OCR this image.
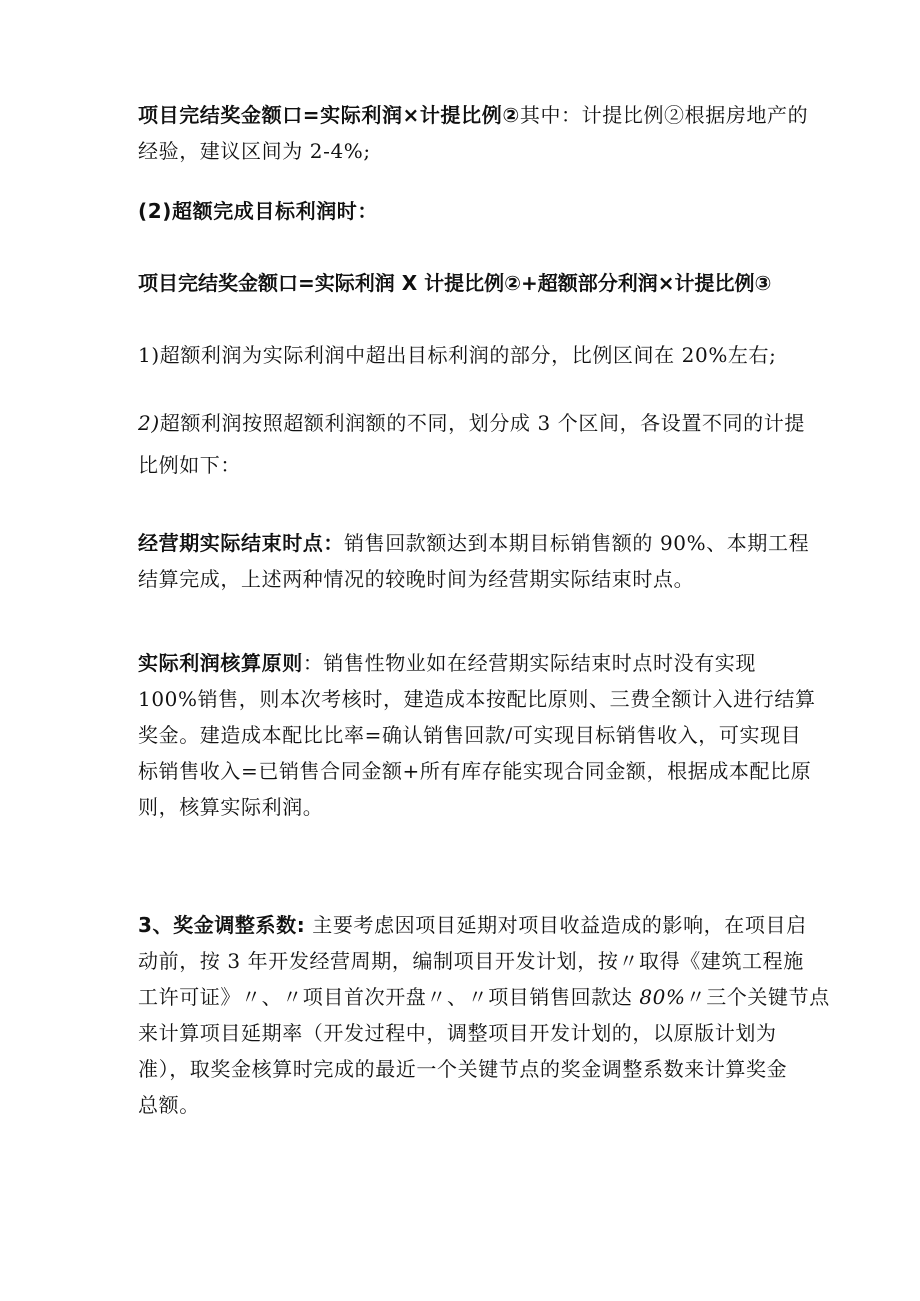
项目完结奖金额口=实际利润×计提比例②其中：计提比例②根据房地产的
经验，建议区间为 2-4%;

(2)超额完成目标利润时：

项目完结奖金额口=实际利润 X 计提比例②+超额部分利润×计提比例③

1)超额利润为实际利润中超出目标利润的部分，比例区间在 20%左右;

2)超额利润按照超额利润额的不同，划分成 3 个区间，各设置不同的计提
比例如下：

经营期实际结束时点：销售回款额达到本期目标销售额的 90%、本期工程
结算完成，上述两种情况的较晚时间为经营期实际结束时点。

实际利润核算原则：销售性物业如在经营期实际结束时点时没有实现
100%销售，则本次考核时，建造成本按配比原则、三费全额计入进行结算
奖金。建造成本配比比率=确认销售回款/可实现目标销售收入，可实现目
标销售收入=已销售合同金额+所有库存能实现合同金额，根据成本配比原
则，核算实际利润。

3、奖金调整系数: 主要考虑因项目延期对项目收益造成的影响，在项目启
动前，按 3 年开发经营周期，编制项目开发计划，按〃取得《建筑工程施
工许可证》〃、〃项目首次开盘〃、〃项目销售回款达 80%〃三个关键节点
来计算项目延期率（开发过程中，调整项目开发计划的，以原版计划为
准），取奖金核算时完成的最近一个关键节点的奖金调整系数来计算奖金
总额。
